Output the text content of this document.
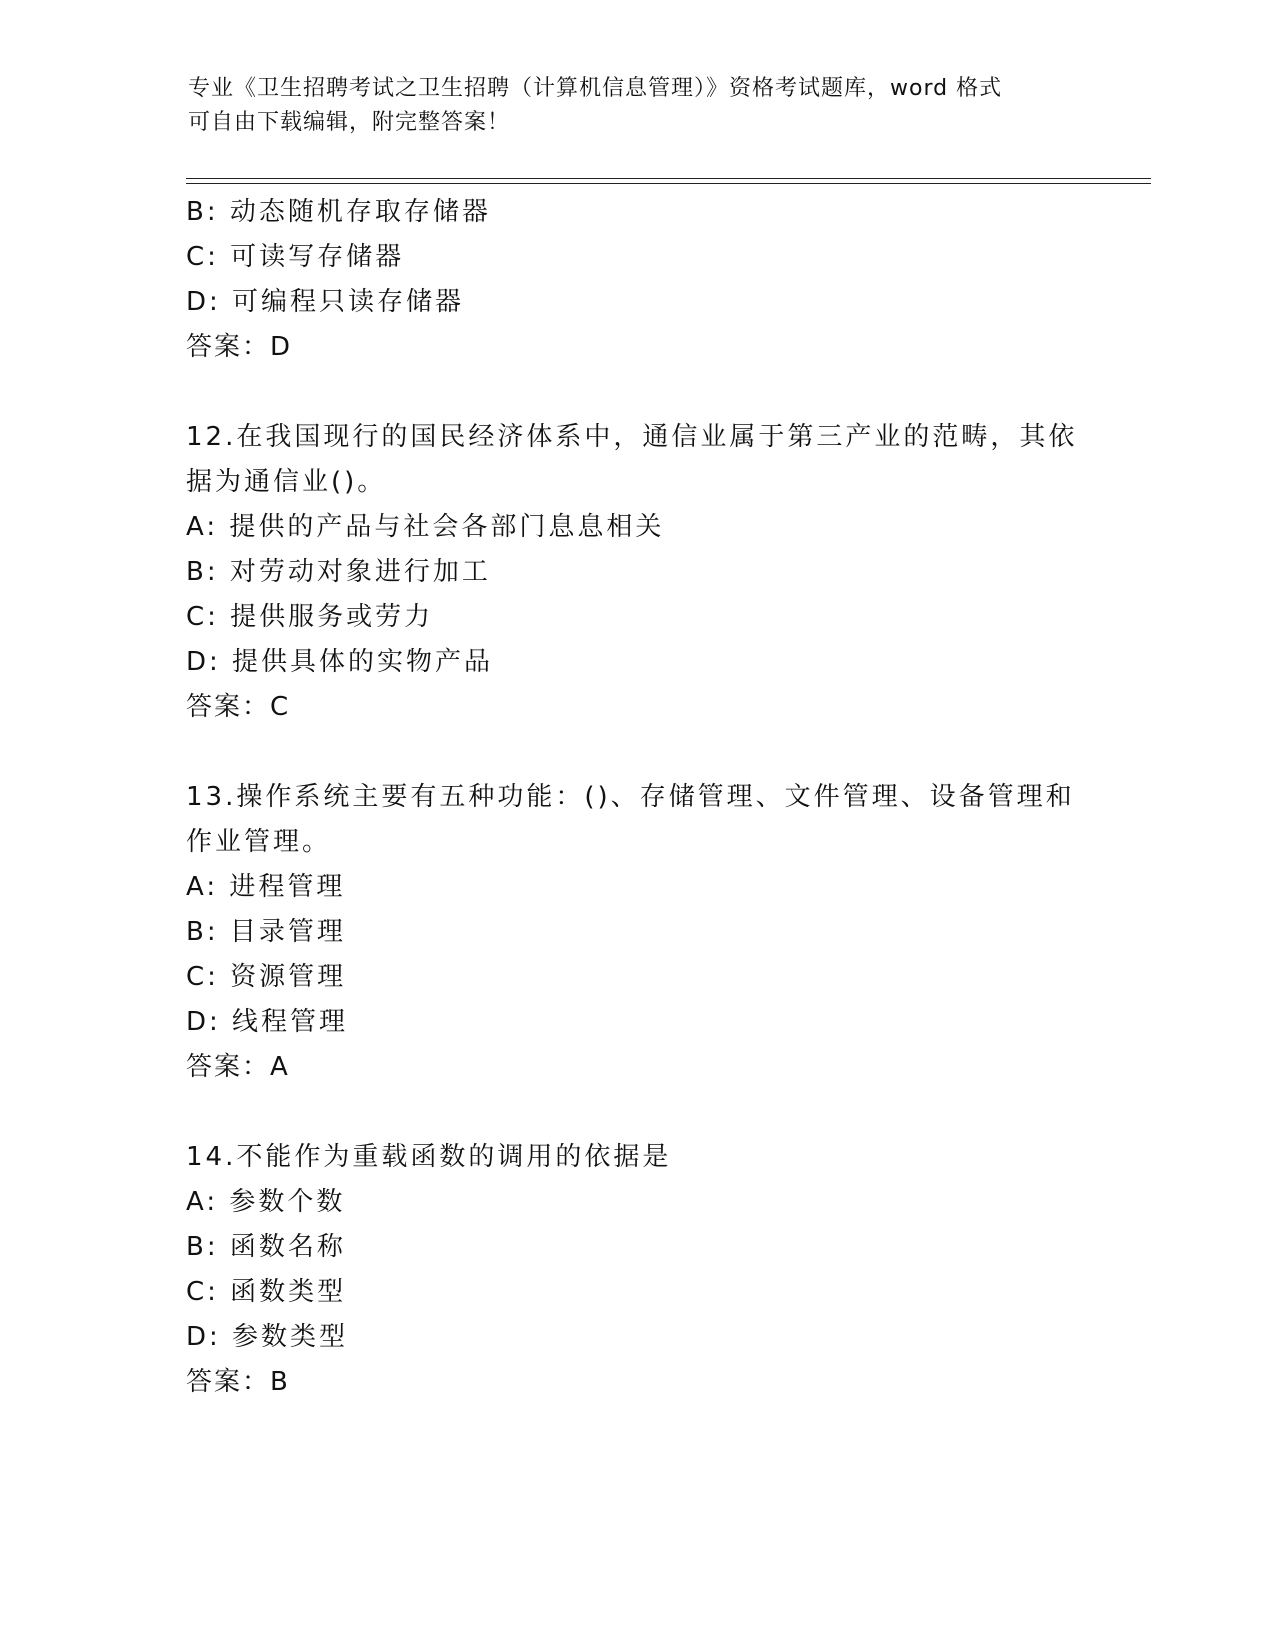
专业《卫生招聘考试之卫生招聘（计算机信息管理）》资格考试题库，word 格式
可自由下载编辑，附完整答案！
B: 动态随机存取存储器
C: 可读写存储器
D: 可编程只读存储器
答案：D
12.在我国现行的国民经济体系中，通信业属于第三产业的范畴，其依
据为通信业()。
A: 提供的产品与社会各部门息息相关
B: 对劳动对象进行加工
C: 提供服务或劳力
D: 提供具体的实物产品
答案：C
13.操作系统主要有五种功能：()、存储管理、文件管理、设备管理和
作业管理。
A: 进程管理
B: 目录管理
C: 资源管理
D: 线程管理
答案：A
14.不能作为重载函数的调用的依据是
A: 参数个数
B: 函数名称
C: 函数类型
D: 参数类型
答案：B
